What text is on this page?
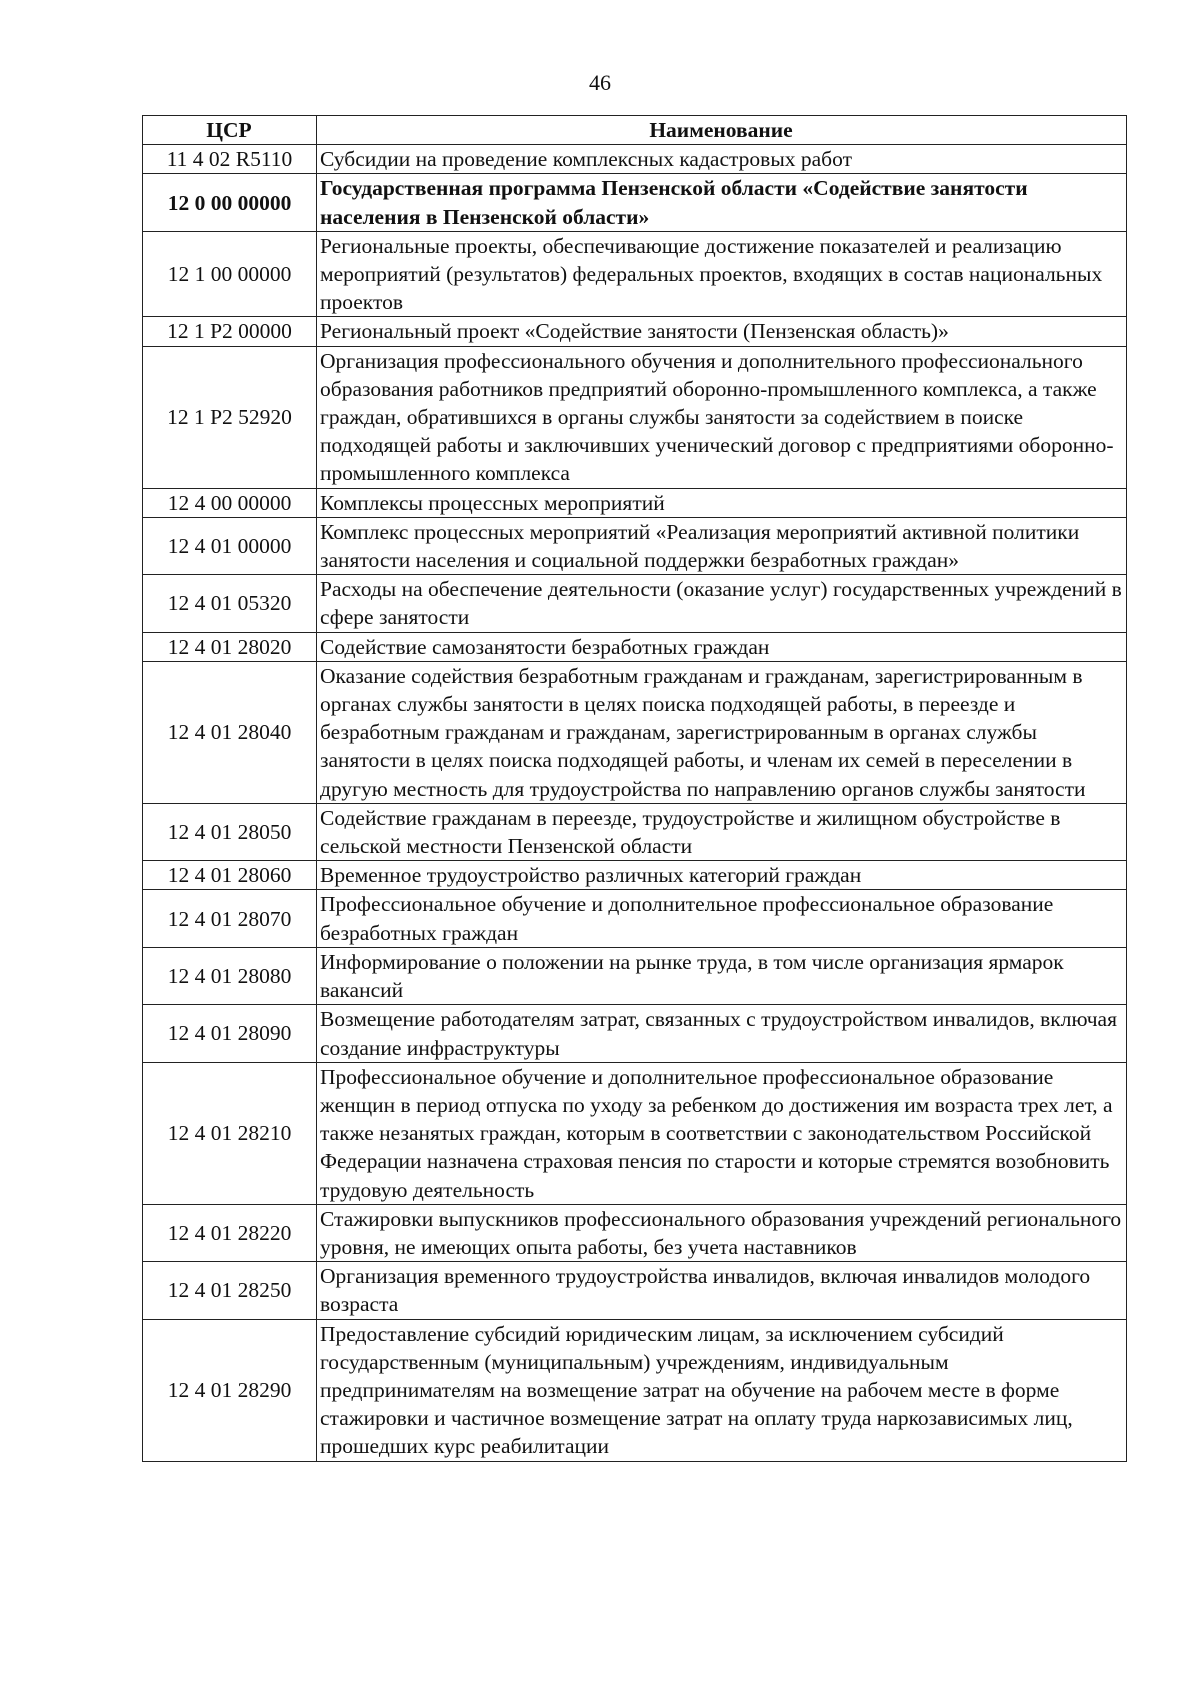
46
ЦСР	Наименование
11 4 02 R5110	Субсидии на проведение комплексных кадастровых работ
12 0 00 00000	Государственная программа Пензенской области «Содействие занятости населения в Пензенской области»
12 1 00 00000	Региональные проекты, обеспечивающие достижение показателей и реализацию мероприятий (результатов) федеральных проектов, входящих в состав национальных проектов
12 1 Р2 00000	Региональный проект «Содействие занятости (Пензенская область)»
12 1 Р2 52920	Организация профессионального обучения и дополнительного профессионального образования работников предприятий оборонно-промышленного комплекса, а также граждан, обратившихся в органы службы занятости за содействием в поиске подходящей работы и заключивших ученический договор с предприятиями оборонно-промышленного комплекса
12 4 00 00000	Комплексы процессных мероприятий
12 4 01 00000	Комплекс процессных мероприятий «Реализация мероприятий активной политики занятости населения и социальной поддержки безработных граждан»
12 4 01 05320	Расходы на обеспечение деятельности (оказание услуг) государственных учреждений в сфере занятости
12 4 01 28020	Содействие самозанятости безработных граждан
12 4 01 28040	Оказание содействия безработным гражданам и гражданам, зарегистрированным в органах службы занятости в целях поиска подходящей работы, в переезде и безработным гражданам и гражданам, зарегистрированным в органах службы занятости в целях поиска подходящей работы, и членам их семей в переселении в другую местность для трудоустройства по направлению органов службы занятости
12 4 01 28050	Содействие гражданам в переезде, трудоустройстве и жилищном обустройстве в сельской местности Пензенской области
12 4 01 28060	Временное трудоустройство различных категорий граждан
12 4 01 28070	Профессиональное обучение и дополнительное профессиональное образование безработных граждан
12 4 01 28080	Информирование о положении на рынке труда, в том числе организация ярмарок вакансий
12 4 01 28090	Возмещение работодателям затрат, связанных с трудоустройством инвалидов, включая создание инфраструктуры
12 4 01 28210	Профессиональное обучение и дополнительное профессиональное образование женщин в период отпуска по уходу за ребенком до достижения им возраста трех лет, а также незанятых граждан, которым в соответствии с законодательством Российской Федерации назначена страховая пенсия по старости и которые стремятся возобновить трудовую деятельность
12 4 01 28220	Стажировки выпускников профессионального образования учреждений регионального уровня, не имеющих опыта работы, без учета наставников
12 4 01 28250	Организация временного трудоустройства инвалидов, включая инвалидов молодого возраста
12 4 01 28290	Предоставление субсидий юридическим лицам, за исключением субсидий государственным (муниципальным) учреждениям, индивидуальным предпринимателям на возмещение затрат на обучение на рабочем месте в форме стажировки и частичное возмещение затрат на оплату труда наркозависимых лиц, прошедших курс реабилитации
